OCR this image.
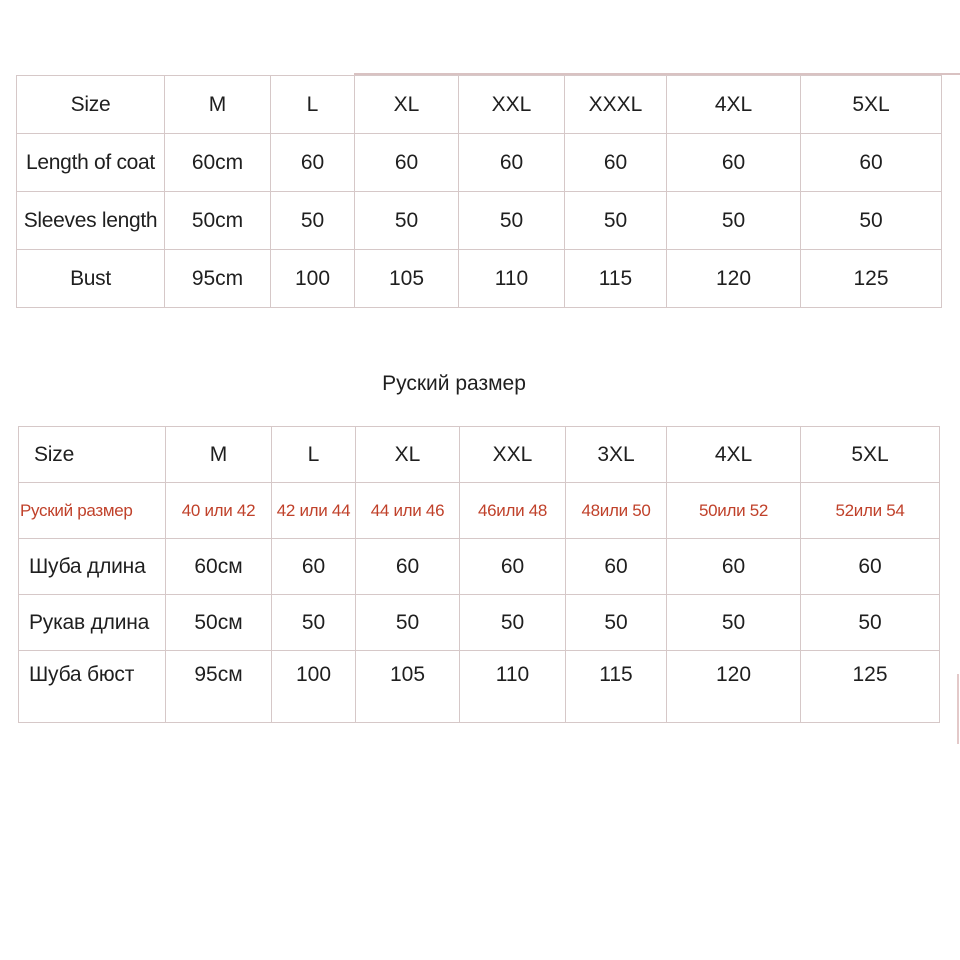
Size	M	L	XL	XXL	XXXL	4XL	5XL
Length of coat	60cm	60	60	60	60	60	60
Sleeves length	50cm	50	50	50	50	50	50
Bust	95cm	100	105	110	115	120	125
Руский размер
Size	M	L	XL	XXL	3XL	4XL	5XL
Руский размер	40 или 42	42 или 44	44 или 46	46или 48	48или 50	50или 52	52или 54
Шуба длина	60см	60	60	60	60	60	60
Рукав длина	50см	50	50	50	50	50	50
Шуба бюст	95см	100	105	110	115	120	125
